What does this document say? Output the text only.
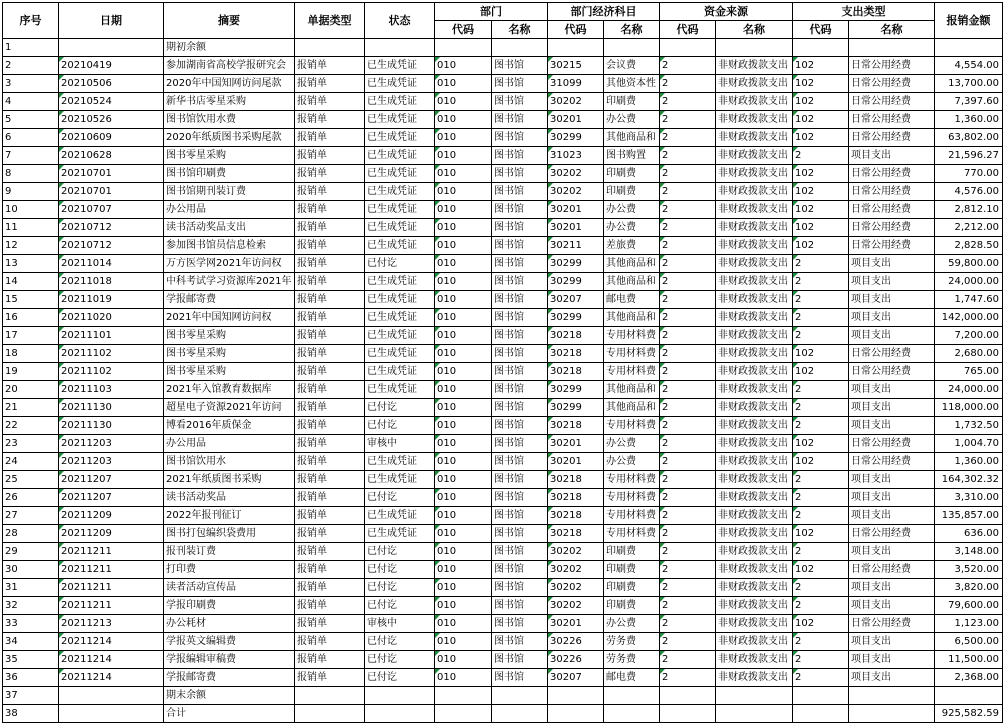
序号	日期	摘要	单据类型	状态	部门		部门经济科目		资金来源		支出类型		报销金额
					代码	名称	代码	名称	代码	名称	代码	名称	
1		期初余额											
2	20210419	参加湖南省高校学报研究会	报销单	已生成凭证	010	图书馆	30215	会议费	2	非财政拨款支出	102	日常公用经费	4,554.00
3	20210506	2020年中国知网访问尾款	报销单	已生成凭证	010	图书馆	31099	其他资本性	2	非财政拨款支出	102	日常公用经费	13,700.00
4	20210524	新华书店零星采购	报销单	已生成凭证	010	图书馆	30202	印刷费	2	非财政拨款支出	102	日常公用经费	7,397.60
5	20210526	图书馆饮用水费	报销单	已生成凭证	010	图书馆	30201	办公费	2	非财政拨款支出	102	日常公用经费	1,360.00
6	20210609	2020年纸质图书采购尾款	报销单	已生成凭证	010	图书馆	30299	其他商品和	2	非财政拨款支出	102	日常公用经费	63,802.00
7	20210628	图书零星采购	报销单	已生成凭证	010	图书馆	31023	图书购置	2	非财政拨款支出	2	项目支出	21,596.27
8	20210701	图书馆印刷费	报销单	已生成凭证	010	图书馆	30202	印刷费	2	非财政拨款支出	102	日常公用经费	770.00
9	20210701	图书馆期刊装订费	报销单	已生成凭证	010	图书馆	30202	印刷费	2	非财政拨款支出	102	日常公用经费	4,576.00
10	20210707	办公用品	报销单	已生成凭证	010	图书馆	30201	办公费	2	非财政拨款支出	102	日常公用经费	2,812.10
11	20210712	读书活动奖品支出	报销单	已生成凭证	010	图书馆	30201	办公费	2	非财政拨款支出	102	日常公用经费	2,212.00
12	20210712	参加图书馆员信息检索	报销单	已生成凭证	010	图书馆	30211	差旅费	2	非财政拨款支出	102	日常公用经费	2,828.50
13	20211014	万方医学网2021年访问权	报销单	已付讫	010	图书馆	30299	其他商品和	2	非财政拨款支出	2	项目支出	59,800.00
14	20211018	中科考试学习资源库2021年	报销单	已生成凭证	010	图书馆	30299	其他商品和	2	非财政拨款支出	2	项目支出	24,000.00
15	20211019	学报邮寄费	报销单	已生成凭证	010	图书馆	30207	邮电费	2	非财政拨款支出	2	项目支出	1,747.60
16	20211020	2021年中国知网访问权	报销单	已生成凭证	010	图书馆	30299	其他商品和	2	非财政拨款支出	2	项目支出	142,000.00
17	20211101	图书零星采购	报销单	已生成凭证	010	图书馆	30218	专用材料费	2	非财政拨款支出	2	项目支出	7,200.00
18	20211102	图书零星采购	报销单	已生成凭证	010	图书馆	30218	专用材料费	2	非财政拨款支出	102	日常公用经费	2,680.00
19	20211102	图书零星采购	报销单	已生成凭证	010	图书馆	30218	专用材料费	2	非财政拨款支出	102	日常公用经费	765.00
20	20211103	2021年入馆教育数据库	报销单	已生成凭证	010	图书馆	30299	其他商品和	2	非财政拨款支出	2	项目支出	24,000.00
21	20211130	超星电子资源2021年访问	报销单	已付讫	010	图书馆	30299	其他商品和	2	非财政拨款支出	2	项目支出	118,000.00
22	20211130	博看2016年质保金	报销单	已付讫	010	图书馆	30218	专用材料费	2	非财政拨款支出	2	项目支出	1,732.50
23	20211203	办公用品	报销单	审核中	010	图书馆	30201	办公费	2	非财政拨款支出	102	日常公用经费	1,004.70
24	20211203	图书馆饮用水	报销单	已生成凭证	010	图书馆	30201	办公费	2	非财政拨款支出	102	日常公用经费	1,360.00
25	20211207	2021年纸质图书采购	报销单	已生成凭证	010	图书馆	30218	专用材料费	2	非财政拨款支出	2	项目支出	164,302.32
26	20211207	读书活动奖品	报销单	已付讫	010	图书馆	30218	专用材料费	2	非财政拨款支出	2	项目支出	3,310.00
27	20211209	2022年报刊征订	报销单	已生成凭证	010	图书馆	30218	专用材料费	2	非财政拨款支出	2	项目支出	135,857.00
28	20211209	图书打包编织袋费用	报销单	已生成凭证	010	图书馆	30218	专用材料费	2	非财政拨款支出	102	日常公用经费	636.00
29	20211211	报刊装订费	报销单	已付讫	010	图书馆	30202	印刷费	2	非财政拨款支出	2	项目支出	3,148.00
30	20211211	打印费	报销单	已付讫	010	图书馆	30202	印刷费	2	非财政拨款支出	102	日常公用经费	3,520.00
31	20211211	读者活动宣传品	报销单	已付讫	010	图书馆	30202	印刷费	2	非财政拨款支出	2	项目支出	3,820.00
32	20211211	学报印刷费	报销单	已付讫	010	图书馆	30202	印刷费	2	非财政拨款支出	2	项目支出	79,600.00
33	20211213	办公耗材	报销单	审核中	010	图书馆	30201	办公费	2	非财政拨款支出	102	日常公用经费	1,123.00
34	20211214	学报英文编辑费	报销单	已付讫	010	图书馆	30226	劳务费	2	非财政拨款支出	2	项目支出	6,500.00
35	20211214	学报编辑审稿费	报销单	已付讫	010	图书馆	30226	劳务费	2	非财政拨款支出	2	项目支出	11,500.00
36	20211214	学报邮寄费	报销单	已付讫	010	图书馆	30207	邮电费	2	非财政拨款支出	2	项目支出	2,368.00
37		期末余额											
38		合计											925,582.59
